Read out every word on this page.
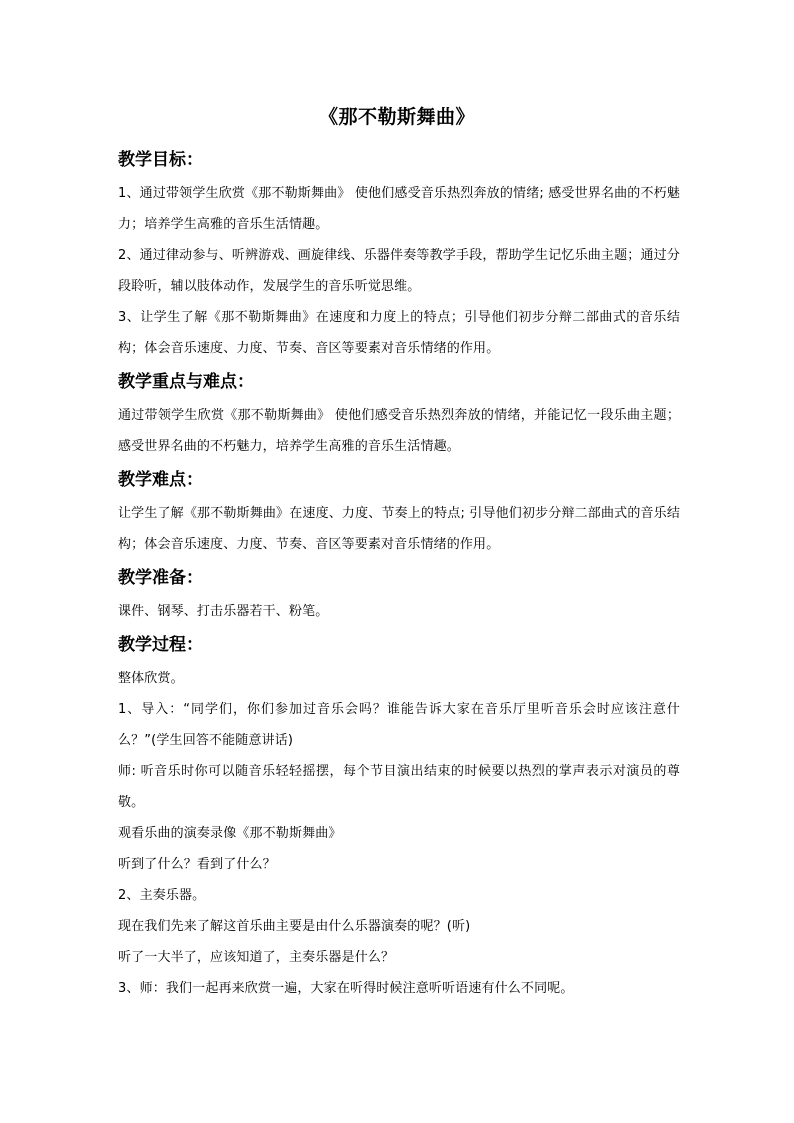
《那不勒斯舞曲》

教学目标：

1、通过带领学生欣赏《那不勒斯舞曲》 使他们感受音乐热烈奔放的情绪; 感受世界名曲的不朽魅力；培养学生高雅的音乐生活情趣。

2、通过律动参与、听辨游戏、画旋律线、乐器伴奏等教学手段，帮助学生记忆乐曲主题；通过分段聆听，辅以肢体动作，发展学生的音乐听觉思维。

3、让学生了解《那不勒斯舞曲》在速度和力度上的特点；引导他们初步分辩二部曲式的音乐结构；体会音乐速度、力度、节奏、音区等要素对音乐情绪的作用。

教学重点与难点：

通过带领学生欣赏《那不勒斯舞曲》 使他们感受音乐热烈奔放的情绪，并能记忆一段乐曲主题；感受世界名曲的不朽魅力，培养学生高雅的音乐生活情趣。

教学难点：

让学生了解《那不勒斯舞曲》在速度、力度、节奏上的特点; 引导他们初步分辩二部曲式的音乐结构；体会音乐速度、力度、节奏、音区等要素对音乐情绪的作用。

教学准备：

课件、钢琴、打击乐器若干、粉笔。

教学过程：

整体欣赏。

1、导入：“同学们，你们参加过音乐会吗？谁能告诉大家在音乐厅里听音乐会时应该注意什么？”(学生回答不能随意讲话)

师: 听音乐时你可以随音乐轻轻摇摆，每个节目演出结束的时候要以热烈的掌声表示对演员的尊敬。

观看乐曲的演奏录像《那不勒斯舞曲》

听到了什么？看到了什么？

2、主奏乐器。

现在我们先来了解这首乐曲主要是由什么乐器演奏的呢？(听)

听了一大半了，应该知道了，主奏乐器是什么？

3、师：我们一起再来欣赏一遍，大家在听得时候注意听听语速有什么不同呢。
